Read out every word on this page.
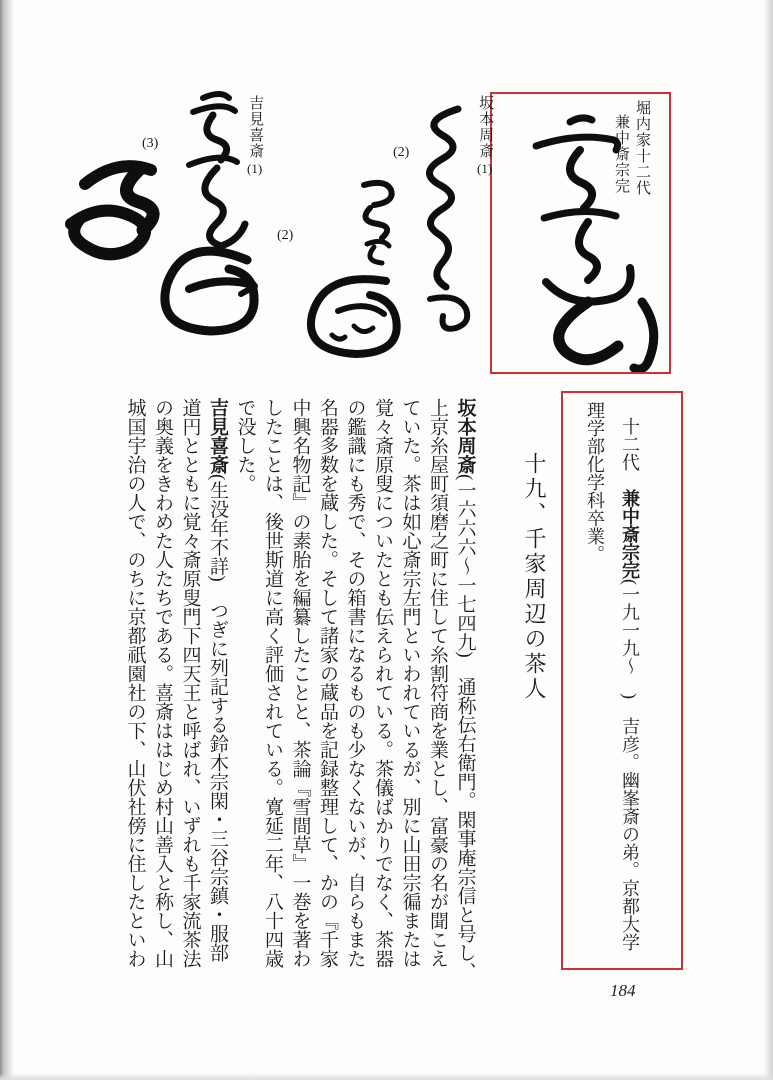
堀内家十二代
兼中斎宗完
坂本周斎
(1)
(2)
(2)
吉見喜斎
(1)
(3)
十九、千家周辺の茶人	十二代　兼中斎宗完(一九一九～　)　吉彦。幽峯斎の弟。京都大学
理学部化学科卒業。

坂本周斎(一六六六～一七四九)　通称伝右衛門。閑事庵宗信と号し、

上京糸屋町須磨之町に住して糸割符商を業とし、富豪の名が聞こえ

ていた。茶は如心斎宗左門といわれているが、別に山田宗徧または

覚々斎原叟についたとも伝えられている。茶儀ばかりでなく、茶器

の鑑識にも秀で、その箱書になるものも少なくないが、自らもまた

名器多数を蔵した。そして諸家の蔵品を記録整理して、かの『千家

中興名物記』の素胎を編纂したことと、茶論『雪間草』一巻を著わ

したことは、後世斯道に高く評価されている。寛延二年、八十四歳

で没した。

吉見喜斎(生没年不詳)　つぎに列記する鈴木宗閑・三谷宗鎮・服部

道円とともに覚々斎原叟門下四天王と呼ばれ、いずれも千家流茶法

の奥義をきわめた人たちである。喜斎ははじめ村山善入と称し、山

城国宇治の人で、のちに京都祇園社の下、山伏社傍に住したといわ

184
